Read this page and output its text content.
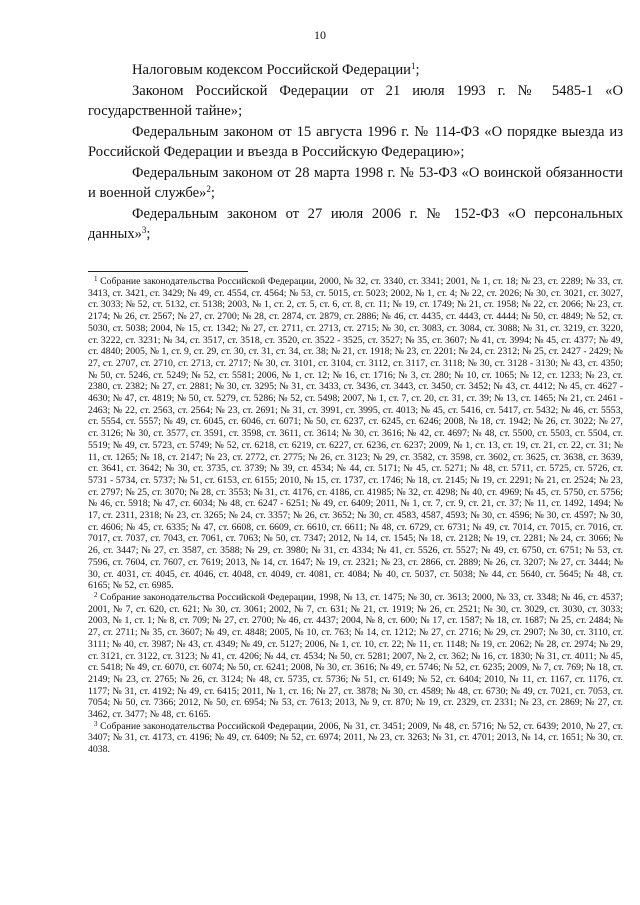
10

Налоговым кодексом Российской Федерации$^1$;

Законом Российской Федерации от 21 июля 1993 г. № 5485-1 «О государственной тайне»;

Федеральным законом от 15 августа 1996 г. № 114-ФЗ «О порядке выезда из Российской Федерации и въезда в Российскую Федерацию»;

Федеральным законом от 28 марта 1998 г. № 53-ФЗ «О воинской обязанности и военной службе»$^2$;

Федеральным законом от 27 июля 2006 г. № 152-ФЗ «О персональных данных»$^3$;

$^1$ Собрание законодательства Российской Федерации, 2000, № 32, ст. 3340, ст. 3341; 2001, № 1, ст. 18; № 23, ст. 2289; № 33, ст. 3413, ст. 3421, ст. 3429; № 49, ст. 4554, ст. 4564; № 53, ст. 5015, ст. 5023; 2002, № 1, ст. 4; № 22, ст. 2026; № 30, ст. 3021, ст. 3027, ст. 3033; № 52, ст. 5132, ст. 5138; 2003, № 1, ст. 2, ст. 5, ст. 6, ст. 8, ст. 11; № 19, ст. 1749; № 21, ст. 1958; № 22, ст. 2066; № 23, ст. 2174; № 26, ст. 2567; № 27, ст. 2700; № 28, ст. 2874, ст. 2879, ст. 2886; № 46, ст. 4435, ст. 4443, ст. 4444; № 50, ст. 4849; № 52, ст. 5030, ст. 5038; 2004, № 15, ст. 1342; № 27, ст. 2711, ст. 2713, ст. 2715; № 30, ст. 3083, ст. 3084, ст. 3088; № 31, ст. 3219, ст. 3220, ст. 3222, ст. 3231; № 34, ст. 3517, ст. 3518, ст. 3520, ст. 3522 - 3525, ст. 3527; № 35, ст. 3607; № 41, ст. 3994; № 45, ст. 4377; № 49, ст. 4840; 2005, № 1, ст. 9, ст. 29, ст. 30, ст. 31, ст. 34, ст. 38; № 21, ст. 1918; № 23, ст. 2201; № 24, ст. 2312; № 25, ст. 2427 - 2429; № 27, ст. 2707, ст. 2710, ст. 2713, ст. 2717; № 30, ст. 3101, ст. 3104, ст. 3112, ст. 3117, ст. 3118; № 30, ст. 3128 - 3130; № 43, ст. 4350; № 50, ст. 5246, ст. 5249; № 52, ст. 5581; 2006, № 1, ст. 12; № 16, ст. 1716; № 3, ст. 280; № 10, ст. 1065; № 12, ст. 1233; № 23, ст. 2380, ст. 2382; № 27, ст. 2881; № 30, ст. 3295; № 31, ст. 3433, ст. 3436, ст. 3443, ст. 3450, ст. 3452; № 43, ст. 4412; № 45, ст. 4627 - 4630; № 47, ст. 4819; № 50, ст. 5279, ст. 5286; № 52, ст. 5498; 2007, № 1, ст. 7, ст. 20, ст. 31, ст. 39; № 13, ст. 1465; № 21, ст. 2461 - 2463; № 22, ст. 2563, ст. 2564; № 23, ст. 2691; № 31, ст. 3991, ст. 3995, ст. 4013; № 45, ст. 5416, ст. 5417, ст. 5432; № 46, ст. 5553, ст. 5554, ст. 5557; № 49, ст. 6045, ст. 6046, ст. 6071; № 50, ст. 6237, ст. 6245, ст. 6246; 2008, № 18, ст. 1942; № 26, ст. 3022; № 27, ст. 3126; № 30, ст. 3577, ст. 3591, ст. 3598, ст. 3611, ст. 3614; № 30, ст. 3616; № 42, ст. 4697; № 48, ст. 5500, ст. 5503, ст. 5504, ст. 5519; № 49, ст. 5723, ст. 5749; № 52, ст. 6218, ст. 6219, ст. 6227, ст. 6236, ст. 6237; 2009, № 1, ст. 13, ст. 19, ст. 21, ст. 22, ст. 31; № 11, ст. 1265; № 18, ст. 2147; № 23, ст. 2772, ст. 2775; № 26, ст. 3123; № 29, ст. 3582, ст. 3598, ст. 3602, ст. 3625, ст. 3638, ст. 3639, ст. 3641, ст. 3642; № 30, ст. 3735, ст. 3739; № 39, ст. 4534; № 44, ст. 5171; № 45, ст. 5271; № 48, ст. 5711, ст. 5725, ст. 5726, ст. 5731 - 5734, ст. 5737; № 51, ст. 6153, ст. 6155; 2010, № 15, ст. 1737, ст. 1746; № 18, ст. 2145; № 19, ст. 2291; № 21, ст. 2524; № 23, ст. 2797; № 25, ст. 3070; № 28, ст. 3553; № 31, ст. 4176, ст. 4186, ст. 41985; № 32, ст. 4298; № 40, ст. 4969; № 45, ст. 5750, ст. 5756; № 46, ст. 5918; № 47, ст. 6034; № 48, ст. 6247 - 6251; № 49, ст. 6409; 2011, № 1, ст. 7, ст. 9, ст. 21, ст. 37; № 11, ст. 1492, 1494; № 17, ст. 2311, 2318; № 23, ст. 3265; № 24, ст. 3357; № 26, ст. 3652; № 30, ст. 4583, 4587, 4593; № 30, ст. 4596; № 30, ст. 4597; № 30, ст. 4606; № 45, ст. 6335; № 47, ст. 6608, ст. 6609, ст. 6610, ст. 6611; № 48, ст. 6729, ст. 6731; № 49, ст. 7014, ст. 7015, ст. 7016, ст. 7017, ст. 7037, ст. 7043, ст. 7061, ст. 7063; № 50, ст. 7347; 2012, № 14, ст. 1545; № 18, ст. 2128; № 19, ст. 2281; № 24, ст. 3066; № 26, ст. 3447; № 27, ст. 3587, ст. 3588; № 29, ст. 3980; № 31, ст. 4334; № 41, ст. 5526, ст. 5527; № 49, ст. 6750, ст. 6751; № 53, ст. 7596, ст. 7604, ст. 7607, ст. 7619; 2013, № 14, ст. 1647; № 19, ст. 2321; № 23, ст. 2866, ст. 2889; № 26, ст. 3207; № 27, ст. 3444; № 30, ст. 4031, ст. 4045, ст. 4046, ст. 4048, ст. 4049, ст. 4081, ст. 4084; № 40, ст. 5037, ст. 5038; № 44, ст. 5640, ст. 5645; № 48, ст. 6165; № 52, ст. 6985.

$^2$ Собрание законодательства Российской Федерации, 1998, № 13, ст. 1475; № 30, ст. 3613; 2000, № 33, ст. 3348; № 46, ст. 4537; 2001, № 7, ст. 620, ст. 621; № 30, ст. 3061; 2002, № 7, ст. 631; № 21, ст. 1919; № 26, ст. 2521; № 30, ст. 3029, ст. 3030, ст. 3033; 2003, № 1, ст. 1; № 8, ст. 709; № 27, ст. 2700; № 46, ст. 4437; 2004, № 8, ст. 600; № 17, ст. 1587; № 18, ст. 1687; № 25, ст. 2484; № 27, ст. 2711; № 35, ст. 3607; № 49, ст. 4848; 2005, № 10, ст. 763; № 14, ст. 1212; № 27, ст. 2716; № 29, ст. 2907; № 30, ст. 3110, ст. 3111; № 40, ст. 3987; № 43, ст. 4349; № 49, ст. 5127; 2006, № 1, ст. 10, ст. 22; № 11, ст. 1148; № 19, ст. 2062; № 28, ст. 2974; № 29, ст. 3121, ст. 3122, ст. 3123; № 41, ст. 4206; № 44, ст. 4534; № 50, ст. 5281; 2007, № 2, ст. 362; № 16, ст. 1830; № 31, ст. 4011; № 45, ст. 5418; № 49, ст. 6070, ст. 6074; № 50, ст. 6241; 2008, № 30, ст. 3616; № 49, ст. 5746; № 52, ст. 6235; 2009, № 7, ст. 769; № 18, ст. 2149; № 23, ст. 2765; № 26, ст. 3124; № 48, ст. 5735, ст. 5736; № 51, ст. 6149; № 52, ст. 6404; 2010, № 11, ст. 1167, ст. 1176, ст. 1177; № 31, ст. 4192; № 49, ст. 6415; 2011, № 1, ст. 16; № 27, ст. 3878; № 30, ст. 4589; № 48, ст. 6730; № 49, ст. 7021, ст. 7053, ст. 7054; № 50, ст. 7366; 2012, № 50, ст. 6954; № 53, ст. 7613; 2013, № 9, ст. 870; № 19, ст. 2329, ст. 2331; № 23, ст. 2869; № 27, ст. 3462, ст. 3477; № 48, ст. 6165.

$^3$ Собрание законодательства Российской Федерации, 2006, № 31, ст. 3451; 2009, № 48, ст. 5716; № 52, ст. 6439; 2010, № 27, ст. 3407; № 31, ст. 4173, ст. 4196; № 49, ст. 6409; № 52, ст. 6974; 2011, № 23, ст. 3263; № 31, ст. 4701; 2013, № 14, ст. 1651; № 30, ст. 4038.
